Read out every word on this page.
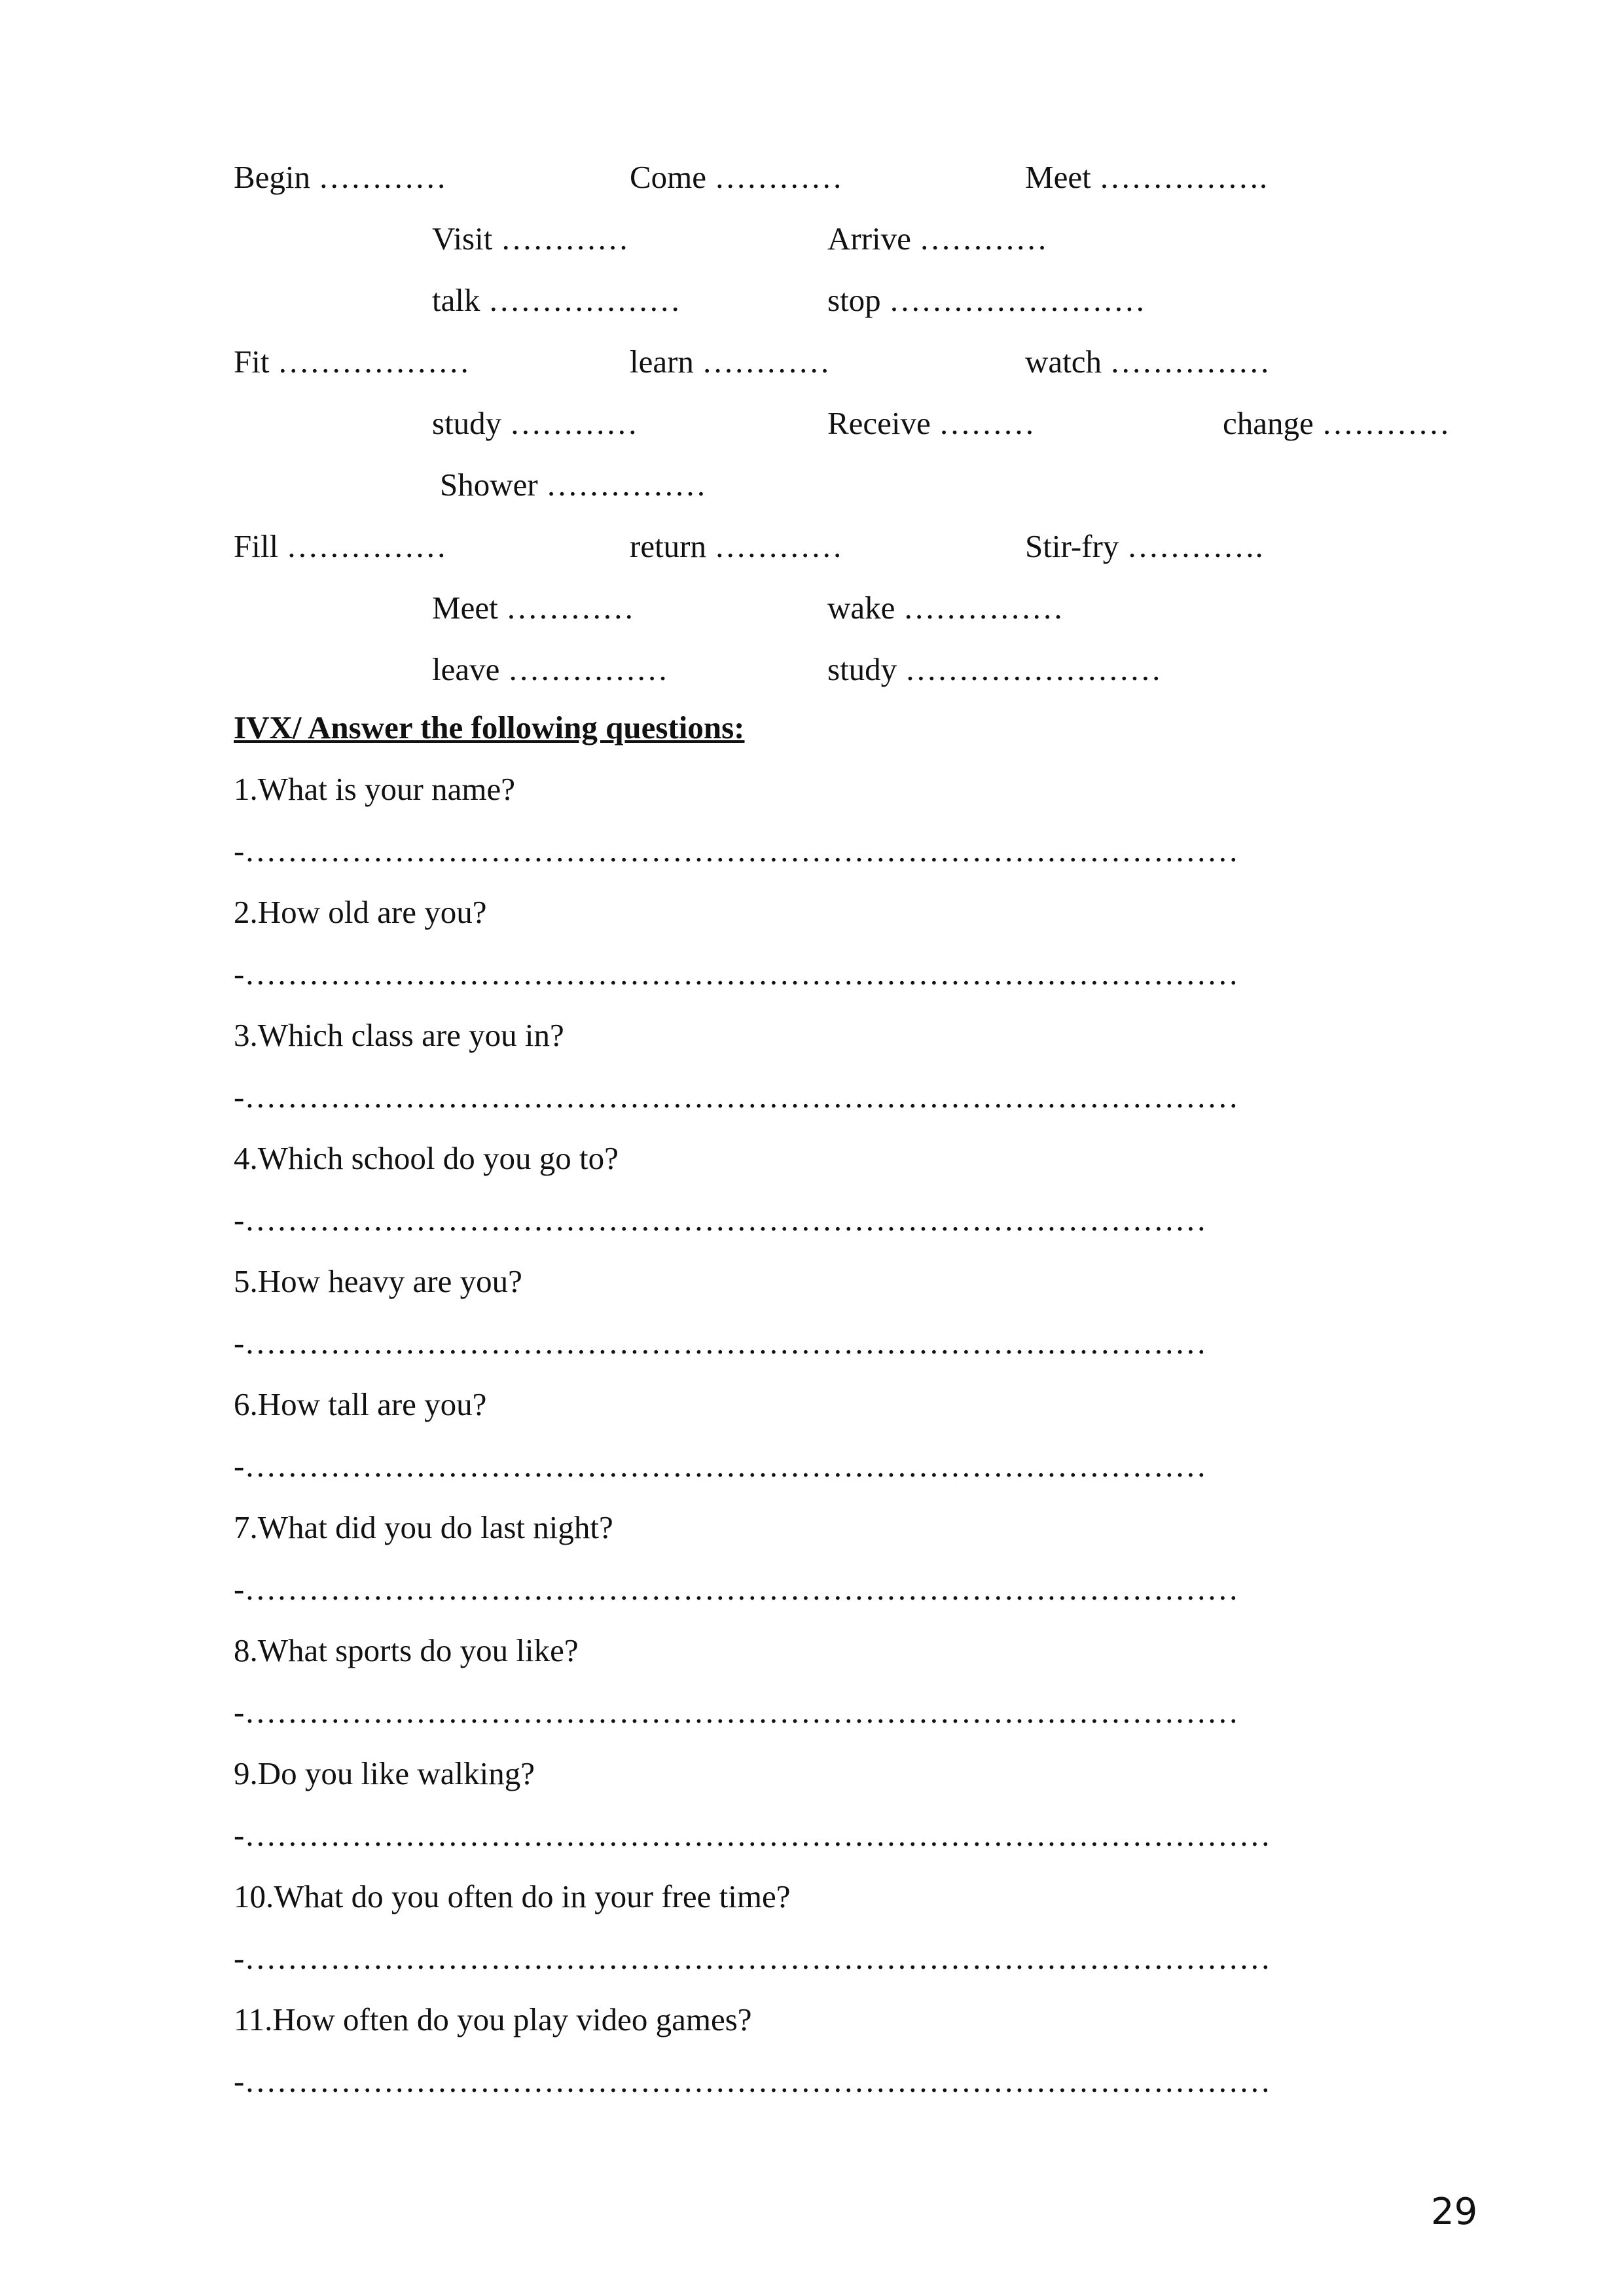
Begin …………	Come …………	Meet …………….
Visit …………	Arrive …………
talk ………………	stop ……………………
Fit ………………	learn …………	watch ……………
study …………	Receive ………	change …………
Shower ……………
Fill ……………	return …………	Stir-fry ………….
Meet …………	wake ……………
leave ……………	study ……………………
IVX/ Answer the following questions:
1.What is your name?
-…………………………………………………………………………………
2.How old are you?
-…………………………………………………………………………………
3.Which class are you in?
-…………………………………………………………………………………
4.Which school do you go to?
-………………………………………………………………………………
5.How heavy are you?
-………………………………………………………………………………
6.How tall are you?
-………………………………………………………………………………
7.What did you do last night?
-…………………………………………………………………………………
8.What sports do you like?
-…………………………………………………………………………………
9.Do you like walking?
-……………………………………………………………………………………
10.What do you often do in your free time?
-……………………………………………………………………………………
11.How often do you play video games?
-……………………………………………………………………………………
29
